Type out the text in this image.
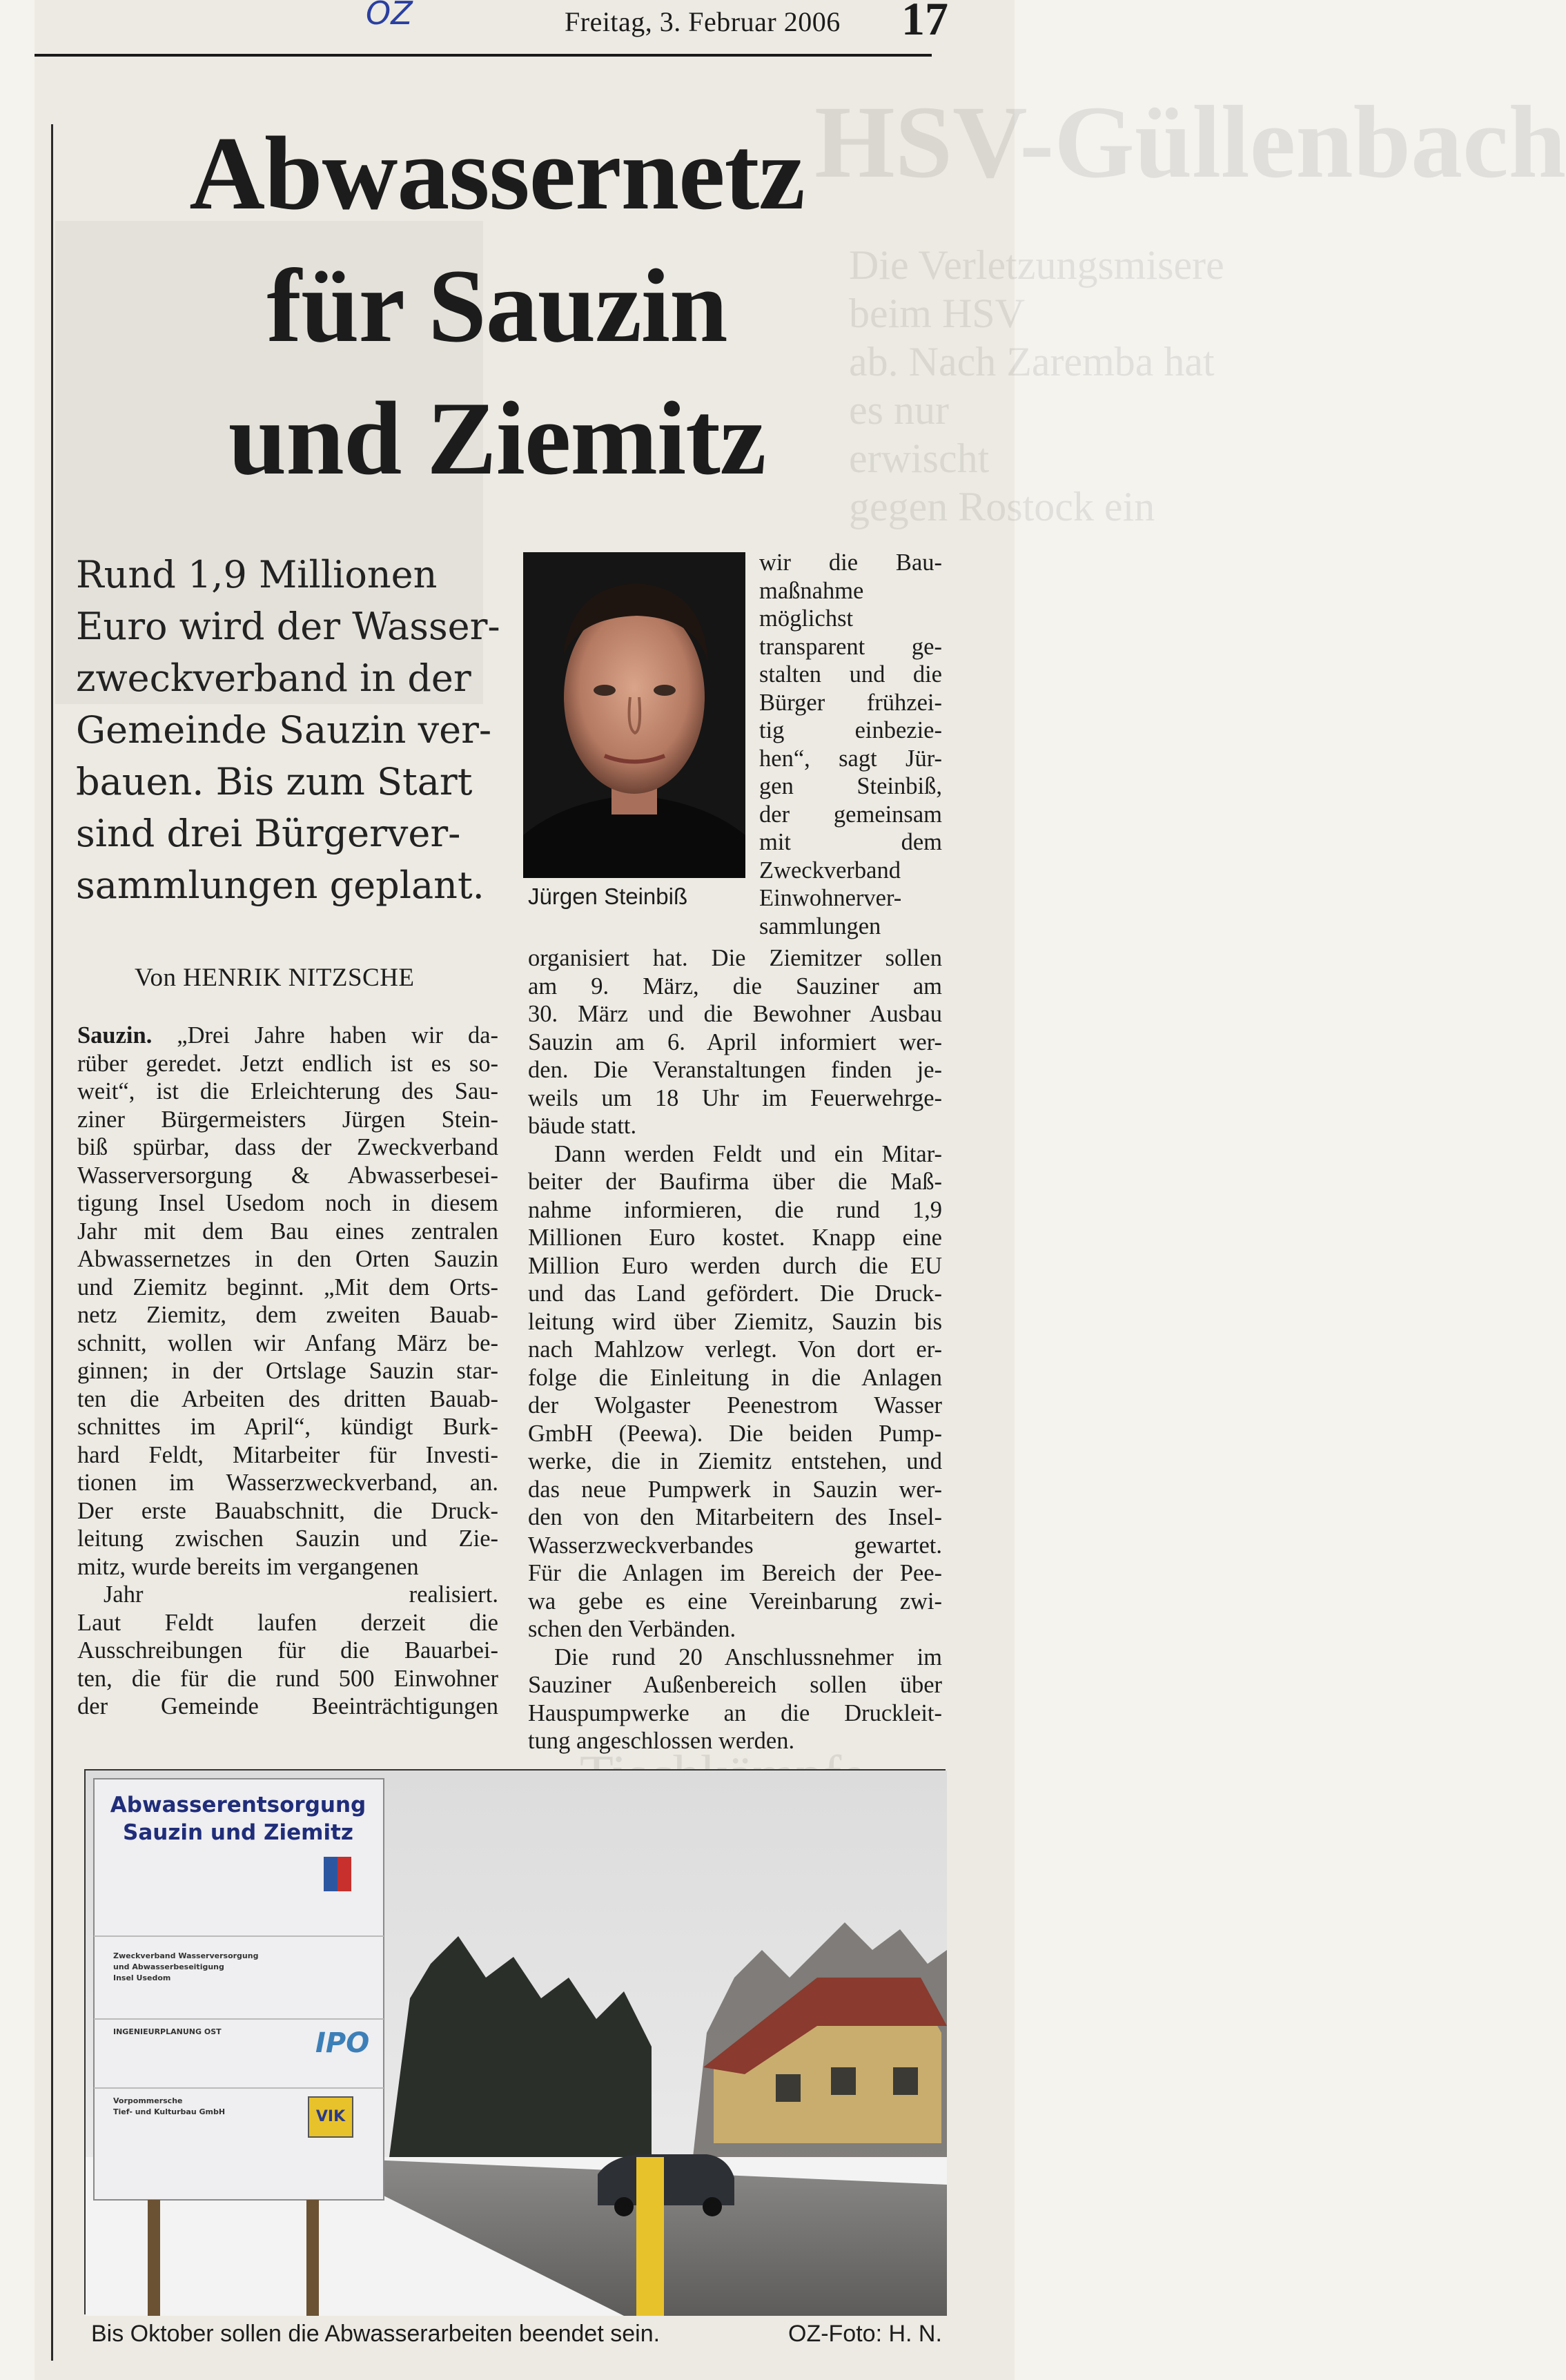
HSV-Güllenbach
Die Verletzungsmisere
beim HSV
ab. Nach Zaremba hat
es nur
erwischt
gegen Rostock ein
OZ	Freitag, 3. Februar 2006 17
Abwassernetz
für Sauzin
und Ziemitz
Rund 1,9 Millionen
Euro wird der Wasser-
zweckverband in der
Gemeinde Sauzin ver-
bauen. Bis zum Start
sind drei Bürgerver-
sammlungen geplant.
Von HENRIK NITZSCHE
Jürgen Steinbiß
Sauzin. „Drei Jahre haben wir da-
rüber geredet. Jetzt endlich ist es so-
weit“, ist die Erleichterung des Sau-
ziner Bürgermeisters Jürgen Stein-
biß spürbar, dass der Zweckverband
Wasserversorgung & Abwasserbesei-
tigung Insel Usedom noch in diesem
Jahr mit dem Bau eines zentralen
Abwassernetzes in den Orten Sauzin
und Ziemitz beginnt. „Mit dem Orts-
netz Ziemitz, dem zweiten Bauab-
schnitt, wollen wir Anfang März be-
ginnen; in der Ortslage Sauzin star-
ten die Arbeiten des dritten Bauab-
schnittes im April“, kündigt Burk-
hard Feldt, Mitarbeiter für Investi-
tionen im Wasserzweckverband, an.
Der erste Bauabschnitt, die Druck-
leitung zwischen Sauzin und Zie-
mitz, wurde bereits im vergangenen
Jahr realisiert.
Laut Feldt laufen derzeit die
Ausschreibungen für die Bauarbei-
ten, die für die rund 500 Einwohner
der Gemeinde Beeinträchtigungen
wir die Bau-
maßnahme
möglichst
transparent ge-
stalten und die
Bürger frühzei-
tig einbezie-
hen“, sagt Jür-
gen Steinbiß,
der gemeinsam
mit dem
Zweckverband
Einwohnerver-
sammlungen
organisiert hat. Die Ziemitzer sollen
am 9. März, die Sauziner am
30. März und die Bewohner Ausbau
Sauzin am 6. April informiert wer-
den. Die Veranstaltungen finden je-
weils um 18 Uhr im Feuerwehrge-
bäude statt.
Dann werden Feldt und ein Mitar-
beiter der Baufirma über die Maß-
nahme informieren, die rund 1,9
Millionen Euro kostet. Knapp eine
Million Euro werden durch die EU
und das Land gefördert. Die Druck-
leitung wird über Ziemitz, Sauzin bis
nach Mahlzow verlegt. Von dort er-
folge die Einleitung in die Anlagen
der Wolgaster Peenestrom Wasser
GmbH (Peewa). Die beiden Pump-
werke, die in Ziemitz entstehen, und
das neue Pumpwerk in Sauzin wer-
den von den Mitarbeitern des Insel-
Wasserzweckverbandes gewartet.
Für die Anlagen im Bereich der Pee-
wa gebe es eine Vereinbarung zwi-
schen den Verbänden.
Die rund 20 Anschlussnehmer im
Sauziner Außenbereich sollen über
Hauspumpwerke an die Druckleit-
tung angeschlossen werden.
Abwasserentsorgung
Sauzin und Ziemitz
Zweckverband Wasserversorgung
und Abwasserbeseitigung
Insel Usedom
INGENIEURPLANUNG OST
Vorpommersche
Tief- und Kulturbau GmbH
IPO
VIK
Bis Oktober sollen die Abwasserarbeiten beendet sein.	OZ-Foto: H. N.
